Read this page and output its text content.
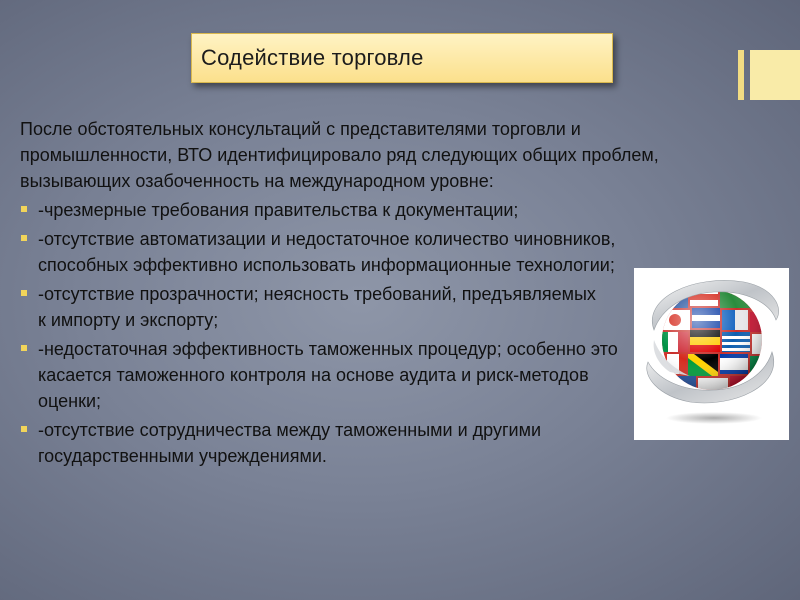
Содействие торговле

После обстоятельных консультаций с представителями торговли и промышленности, ВТО идентифицировало ряд следующих общих проблем, вызывающих озабоченность на международном уровне:

-чрезмерные требования правительства к документации;
-отсутствие автоматизации и недостаточное количество чиновников, способных эффективно использовать информационные технологии;
-отсутствие прозрачности; неясность требований, предъявляемых к импорту и экспорту;
-недостаточная эффективность таможенных процедур; особенно это касается таможенного контроля на основе аудита и риск-методов оценки;
-отсутствие сотрудничества между таможенными и другими государственными учреждениями.
